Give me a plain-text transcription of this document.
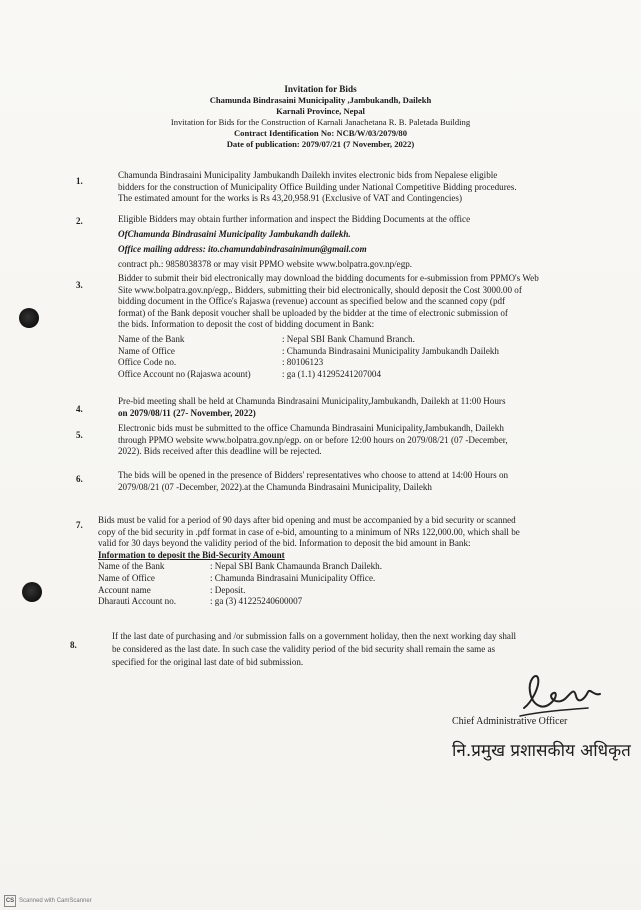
Invitation for Bids
Chamunda Bindrasaini Municipality ,Jambukandh, Dailekh
Karnali Province, Nepal
Invitation for Bids for the Construction of Karnali Janachetana R. B. Paletada Building
Contract Identification No: NCB/W/03/2079/80
Date of publication: 2079/07/21 (7 November, 2022)
1.
Chamunda Bindrasaini Municipality Jambukandh Dailekh invites electronic bids from Nepalese eligible
bidders for the construction of Municipality Office Building under National Competitive Bidding procedures.
The estimated amount for the works is Rs 43,20,958.91 (Exclusive of VAT and Contingencies)
2.	Eligible Bidders may obtain further information and inspect the Bidding Documents at the office
OfChamunda Bindrasaini Municipality Jambukandh dailekh.
Office mailing address: ito.chamundabindrasainimun@gmail.com
contract ph.: 9858038378 or may visit PPMO website www.bolpatra.gov.np/egp.
3.
Bidder to submit their bid electronically may download the bidding documents for e-submission from PPMO's Web
Site www.bolpatra.gov.np/egp,. Bidders, submitting their bid electronically, should deposit the Cost 3000.00 of
bidding document in the Office's Rajaswa (revenue) account as specified below and the scanned copy (pdf
format) of the Bank deposit voucher shall be uploaded by the bidder at the time of electronic submission of
the bids. Information to deposit the cost of bidding document in Bank:
Name of the Bank	: Nepal SBI Bank Chamund Branch.
Name of Office	: Chamunda Bindrasaini Municipality Jambukandh Dailekh
Office Code no.	: 80106123
Office Account no (Rajaswa acount)	: ga (1.1) 41295241207004
4.
Pre-bid meeting shall be held at Chamunda Bindrasaini Municipality,Jambukandh, Dailekh at 11:00 Hours
on 2079/08/11 (27- November, 2022)
5.
Electronic bids must be submitted to the office Chamunda Bindrasaini Municipality,Jambukandh, Dailekh
through PPMO website www.bolpatra.gov.np/egp. on or before 12:00 hours on 2079/08/21 (07 -December,
2022). Bids received after this deadline will be rejected.
6.	The bids will be opened in the presence of Bidders' representatives who choose to attend at 14:00 Hours on
2079/08/21 (07 -December, 2022).at the Chamunda Bindrasaini Municipality, Dailekh
7. Bids must be valid for a period of 90 days after bid opening and must be accompanied by a bid security or scanned
copy of the bid security in .pdf format in case of e-bid, amounting to a minimum of NRs 122,000.00, which shall be
valid for 30 days beyond the validity period of the bid. Information to deposit the bid amount in Bank:
Information to deposit the Bid-Security Amount
Name of the Bank	: Nepal SBI Bank Chamaunda Branch Dailekh.
Name of Office	: Chamunda Bindrasaini Municipality Office.
Account name	: Deposit.
Dharauti Account no.	: ga (3) 41225240600007
8.
If the last date of purchasing and /or submission falls on a government holiday, then the next working day shall
be considered as the last date. In such case the validity period of the bid security shall remain the same as
specified for the original last date of bid submission.
Chief Administrative Officer
नि.प्रमुख प्रशासकीय अधिकृत
CS Scanned with CamScanner
